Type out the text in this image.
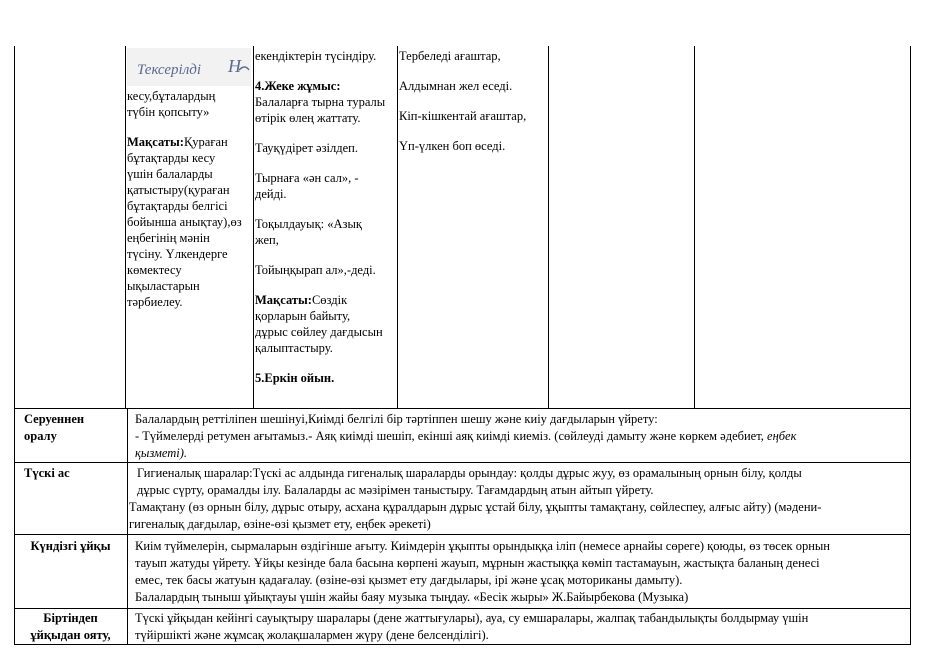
Тексерілді Н

кесу,бұталардың

түбін қопсыту»

Мақсаты:Қураған

бұтақтарды кесу

үшін балаларды

қатыстыру(қураған

бұтақтарды белгісі

бойынша анықтау),өз

еңбегінің мәнін

түсіну. Үлкендерге

көмектесу

ықыластарын

тәрбиелеу.

екендіктерін түсіндіру.

4.Жеке жұмыс:

Балаларға тырна туралы

өтірік өлең жаттату.

Тауқүдірет әзілдеп.

Тырнаға «ән сал», -

дейді.

Тоқылдауық: «Азық

жеп,

Тойыңқырап ал»,-деді.

Мақсаты:Сөздік

қорларын байыту,

дұрыс сөйлеу дағдысын

қалыптастыру.

5.Еркін ойын.

Тербеледі ағаштар,

Алдымнан жел еседі.

Кіп-кішкентай ағаштар,

Үп-үлкен боп өседі.

Серуеннен
оралу

Балалардың реттіліпен шешінуі,Киімді белгілі бір тәртіппен шешу және киіу дағдыларын үйрету:

- Түймелерді ретумен ағытамыз.- Аяқ киімді шешіп, екінші аяқ киімді киеміз. (сөйлеуді дамыту және көркем әдебиет, еңбек

қызметі).

Түскі ас	Гигиеналық шаралар:Түскі ас алдында гигеналық шараларды орындау: қолды дұрыс жуу, өз орамалының орнын білу, қолды

дұрыс сүрту, орамалды ілу. Балаларды ас мәзірімен таныстыру. Тағамдардың атын айтып үйрету.

Тамақтану (өз орнын білу, дұрыс отыру, асхана құралдарын дұрыс ұстай білу, ұқыпты тамақтану, сөйлеспеу, алғыс айту) (мәдени-

гигеналық дағдылар, өзіне-өзі қызмет ету, еңбек әрекеті)

Күндізгі ұйқы	Киім түймелерін, сырмаларын өздігінше ағыту. Киімдерін ұқыпты орындыққа іліп (немесе арнайы сөреге) қоюды, өз төсек орнын

тауып жатуды үйрету. Ұйқы кезінде бала басына көрпені жауып, мұрнын жастыққа көміп тастамауын, жастықта баланың денесі

емес, тек басы жатуын қадағалау. (өзіне-өзі қызмет ету дағдылары, ірі және ұсақ моториканы дамыту).

Балалардың тыныш ұйықтауы үшін жайы баяу музыка тыңдау. «Бесік жыры» Ж.Байырбекова (Музыка)

Біртіндеп
ұйқыдан ояту,

Түскі ұйқыдан кейінгі сауықтыру шаралары (дене жаттығулары), ауа, су емшаралары, жалпақ табандылықты болдырмау үшін

түйіршікті және жұмсақ жолақшалармен жүру (дене белсенділігі).
